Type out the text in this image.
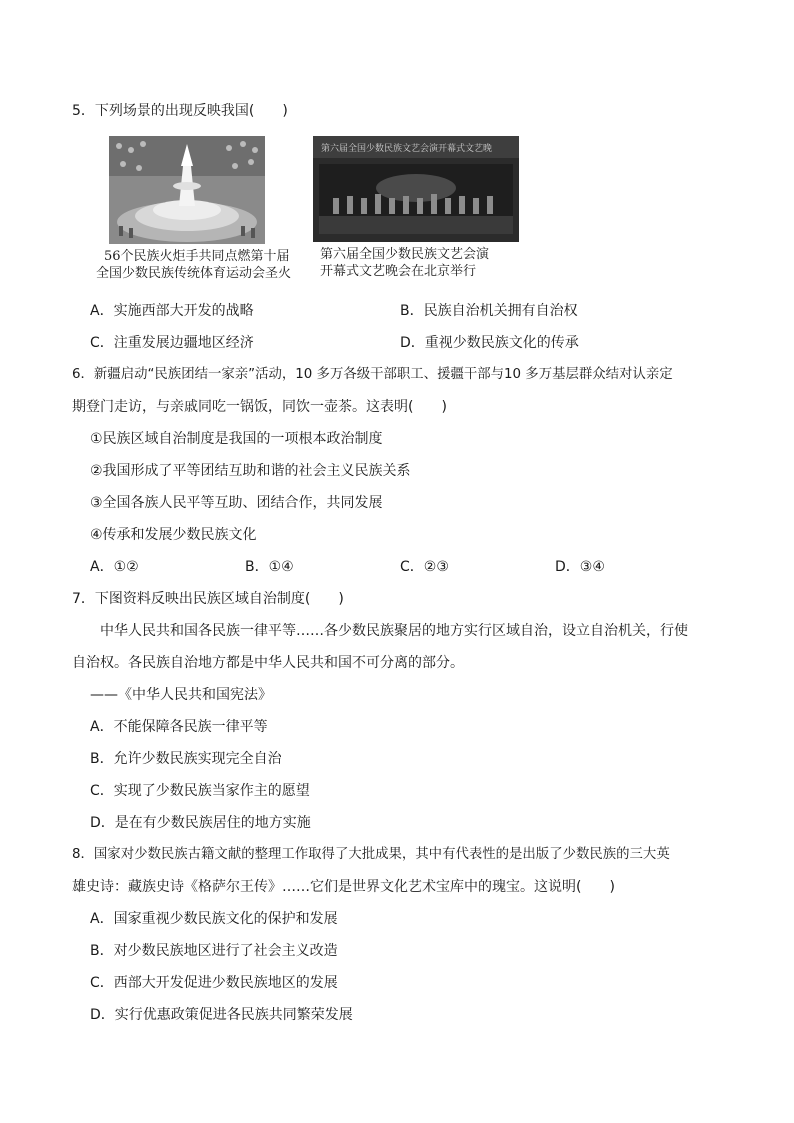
5．下列场景的出现反映我国(　　)
56个民族火炬手共同点燃第十届
全国少数民族传统体育运动会圣火
第六届全国少数民族文艺会演开幕式文艺晚
第六届全国少数民族文艺会演
开幕式文艺晚会在北京举行
A．实施西部大开发的战略	B．民族自治机关拥有自治权
C．注重发展边疆地区经济	D．重视少数民族文化的传承
6．新疆启动“民族团结一家亲”活动，10 多万各级干部职工、援疆干部与10 多万基层群众结对认亲定
期登门走访，与亲戚同吃一锅饭，同饮一壶茶。这表明(　　)
①民族区域自治制度是我国的一项根本政治制度
②我国形成了平等团结互助和谐的社会主义民族关系
③全国各族人民平等互助、团结合作，共同发展
④传承和发展少数民族文化
A．①②	B．①④	C．②③	D．③④
7．下图资料反映出民族区域自治制度(　　)
中华人民共和国各民族一律平等……各少数民族聚居的地方实行区域自治，设立自治机关，行使
自治权。各民族自治地方都是中华人民共和国不可分离的部分。
——《中华人民共和国宪法》
A．不能保障各民族一律平等
B．允许少数民族实现完全自治
C．实现了少数民族当家作主的愿望
D．是在有少数民族居住的地方实施
8．国家对少数民族古籍文献的整理工作取得了大批成果，其中有代表性的是出版了少数民族的三大英
雄史诗：藏族史诗《格萨尔王传》……它们是世界文化艺术宝库中的瑰宝。这说明(　　)
A．国家重视少数民族文化的保护和发展
B．对少数民族地区进行了社会主义改造
C．西部大开发促进少数民族地区的发展
D．实行优惠政策促进各民族共同繁荣发展
